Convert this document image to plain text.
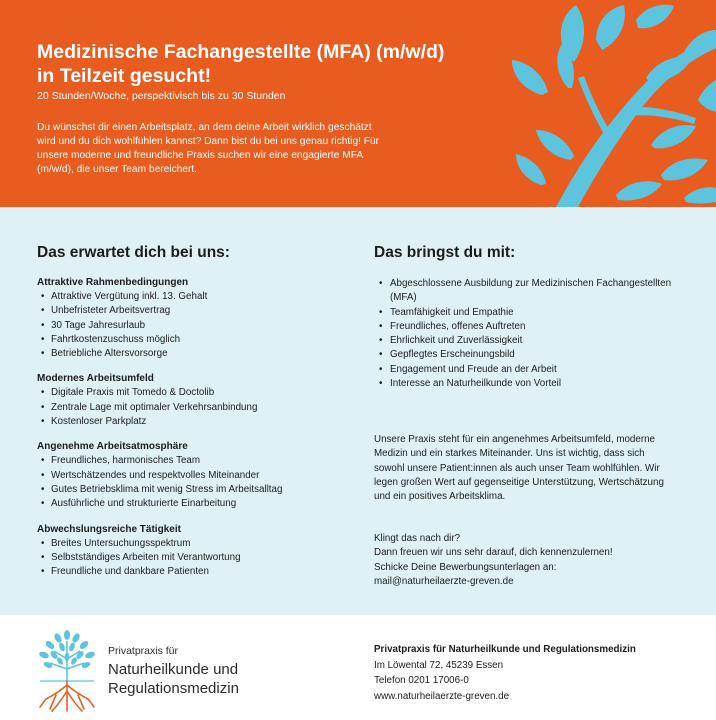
Medizinische Fachangestellte (MFA) (m/w/d)
in Teilzeit gesucht!
20 Stunden/Woche, perspektivisch bis zu 30 Stunden
Du wünschst dir einen Arbeitsplatz, an dem deine Arbeit wirklich geschätzt wird und du dich wohlfühlen kannst? Dann bist du bei uns genau richtig! Für unsere moderne und freundliche Praxis suchen wir eine engagierte MFA (m/w/d), die unser Team bereichert.
Das erwartet dich bei uns:
Attraktive Rahmenbedingungen
• Attraktive Vergütung inkl. 13. Gehalt
• Unbefristeter Arbeitsvertrag
• 30 Tage Jahresurlaub
• Fahrtkostenzuschuss möglich
• Betriebliche Altersvorsorge
Modernes Arbeitsumfeld
• Digitale Praxis mit Tomedo & Doctolib
• Zentrale Lage mit optimaler Verkehrsanbindung
• Kostenloser Parkplatz
Angenehme Arbeitsatmosphäre
• Freundliches, harmonisches Team
• Wertschätzendes und respektvolles Miteinander
• Gutes Betriebsklima mit wenig Stress im Arbeitsalltag
• Ausführliche und strukturierte Einarbeitung
Abwechslungsreiche Tätigkeit
• Breites Untersuchungsspektrum
• Selbstständiges Arbeiten mit Verantwortung
• Freundliche und dankbare Patienten
Das bringst du mit:
• Abgeschlossene Ausbildung zur Medizinischen Fachangestellten (MFA)
• Teamfähigkeit und Empathie
• Freundliches, offenes Auftreten
• Ehrlichkeit und Zuverlässigkeit
• Gepflegtes Erscheinungsbild
• Engagement und Freude an der Arbeit
• Interesse an Naturheilkunde von Vorteil
Unsere Praxis steht für ein angenehmes Arbeitsumfeld, moderne Medizin und ein starkes Miteinander. Uns ist wichtig, dass sich sowohl unsere Patient:innen als auch unser Team wohlfühlen. Wir legen großen Wert auf gegenseitige Unterstützung, Wertschätzung und ein positives Arbeitsklima.
Klingt das nach dir?
Dann freuen wir uns sehr darauf, dich kennenzulernen!
Schicke Deine Bewerbungsunterlagen an:
mail@naturheilaerzte-greven.de
Privatpraxis für
Naturheilkunde und
Regulationsmedizin
Privatpraxis für Naturheilkunde und Regulationsmedizin
Im Löwental 72, 45239 Essen
Telefon 0201 17006-0
www.naturheilaerzte-greven.de
